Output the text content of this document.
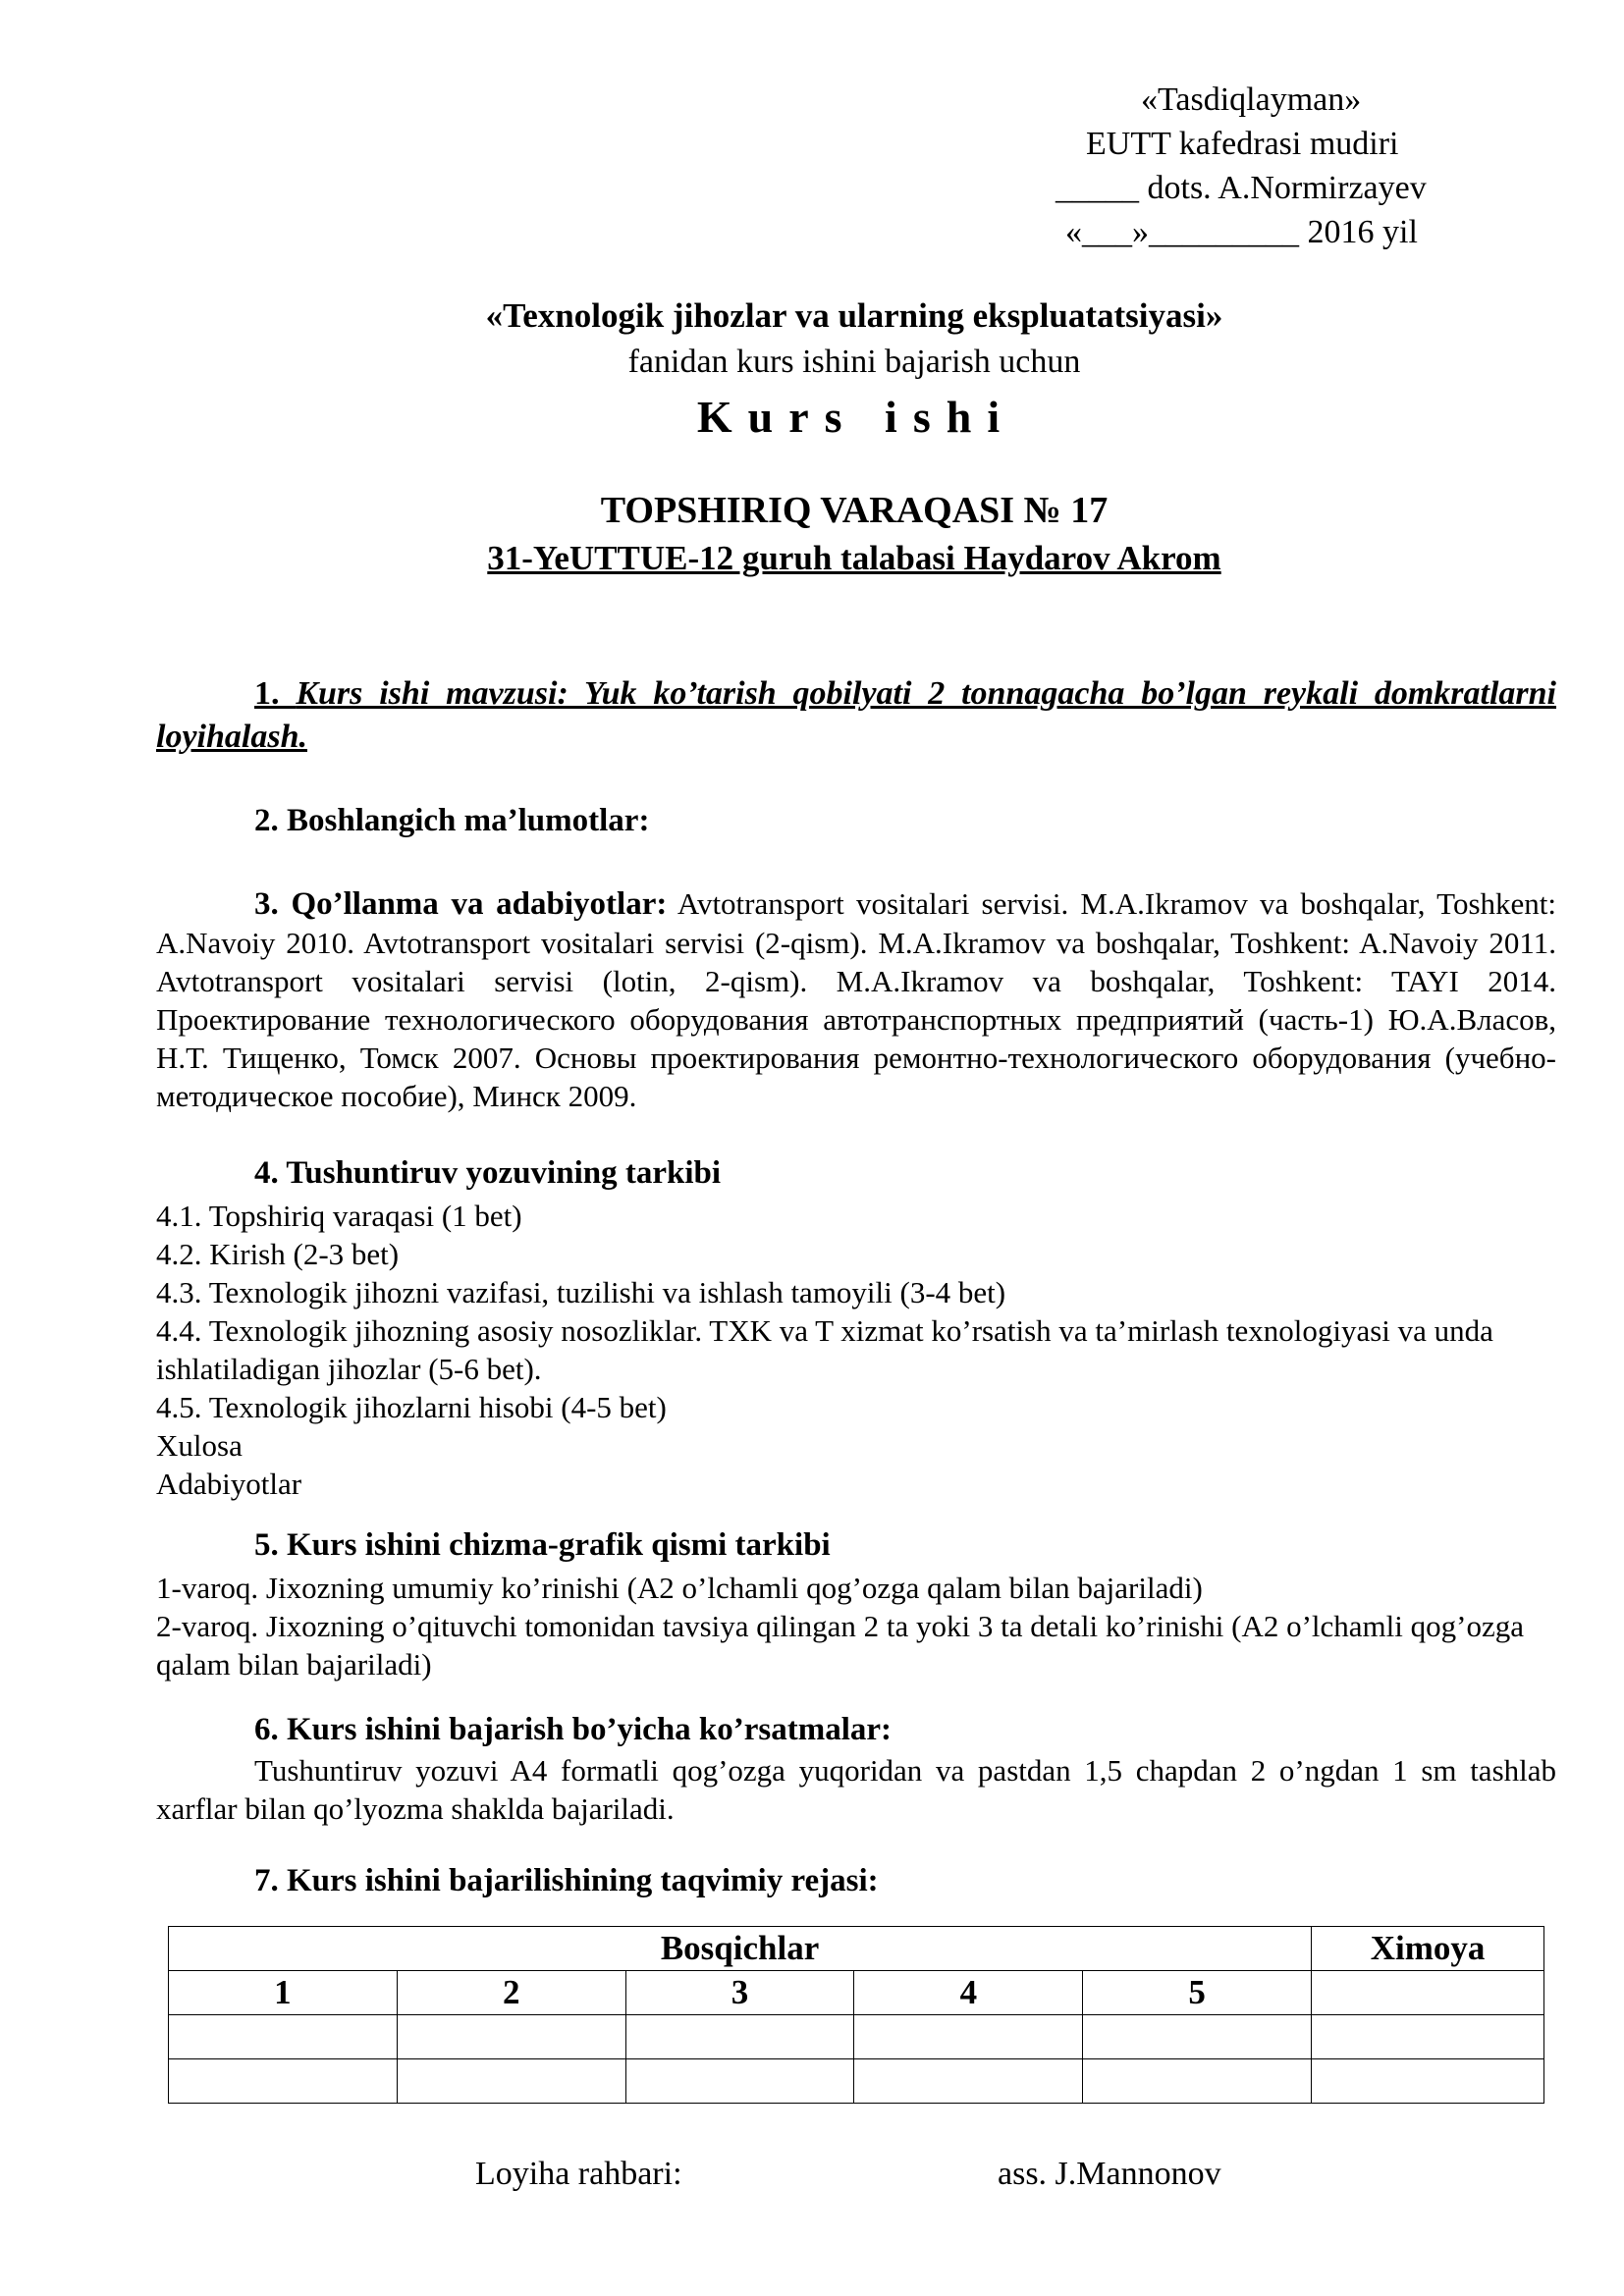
«Tasdiqlayman»
EUTT kafedrasi mudiri
_____ dots. A.Normirzayev
«___»_________ 2016 yil
«Texnologik jihozlar va ularning ekspluatatsiyasi»
fanidan kurs ishini bajarish uchun
Kurs ishi
TOPSHIRIQ VARAQASI № 17
31-YeUTTUE-12 guruh talabasi Haydarov Akrom
1. Kurs ishi mavzusi: Yuk ko’tarish qobilyati 2 tonnagacha bo’lgan reykali domkratlarni loyihalash.
2. Boshlangich ma’lumotlar:
3. Qo’llanma va adabiyotlar: Avtotransport vositalari servisi. M.A.Ikramov va boshqalar, Toshkent: A.Navoiy 2010. Avtotransport vositalari servisi (2-qism). M.A.Ikramov va boshqalar, Toshkent: A.Navoiy 2011. Avtotransport vositalari servisi (lotin, 2-qism). M.A.Ikramov va boshqalar, Toshkent: TAYI 2014. Проектирование технологического оборудования автотранспортных предприятий (часть-1) Ю.А.Власов, Н.Т. Тищенко, Томск 2007. Основы проектирования ремонтно-технологического оборудования (учебно-методическое пособие), Минск 2009.
4. Tushuntiruv yozuvining tarkibi
4.1. Topshiriq varaqasi (1 bet)
4.2. Kirish (2-3 bet)
4.3. Texnologik jihozni vazifasi, tuzilishi va ishlash tamoyili (3-4 bet)
4.4. Texnologik jihozning asosiy nosozliklar. TXK va T xizmat ko’rsatish va ta’mirlash texnologiyasi va unda ishlatiladigan jihozlar (5-6 bet).
4.5. Texnologik jihozlarni hisobi (4-5 bet)
Xulosa
Adabiyotlar
5. Kurs ishini chizma-grafik qismi tarkibi
1-varoq. Jixozning umumiy ko’rinishi (A2 o’lchamli qog’ozga qalam bilan bajariladi)
2-varoq. Jixozning o’qituvchi tomonidan tavsiya qilingan 2 ta yoki 3 ta detali ko’rinishi (A2 o’lchamli qog’ozga qalam bilan bajariladi)
6. Kurs ishini bajarish bo’yicha ko’rsatmalar:
Tushuntiruv yozuvi A4 formatli qog’ozga yuqoridan va pastdan 1,5 chapdan 2 o’ngdan 1 sm tashlab xarflar bilan qo’lyozma shaklda bajariladi.
7. Kurs ishini bajarilishining taqvimiy rejasi:
Bosqichlar					Ximoya
1	2	3	4	5	

Loyiha rahbari:	ass. J.Mannonov
